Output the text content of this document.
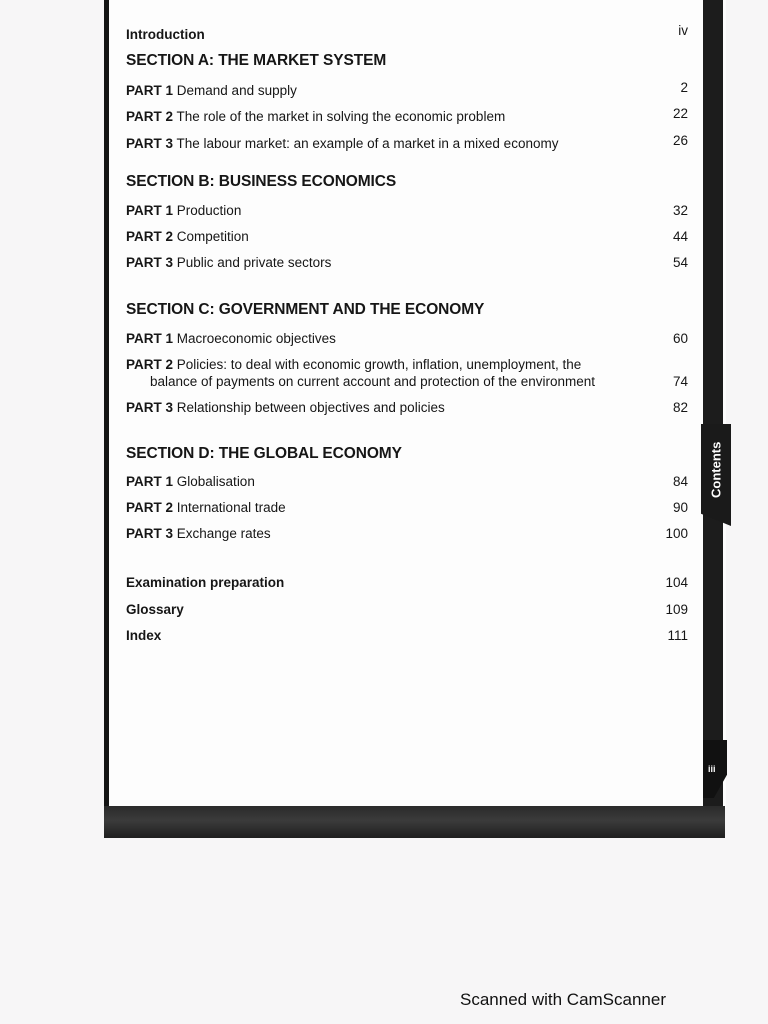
iii
Contents
Introduction	iv
SECTION A: THE MARKET SYSTEM
PART 1 Demand and supply	2
PART 2 The role of the market in solving the economic problem	22
PART 3 The labour market: an example of a market in a mixed economy	26
SECTION B: BUSINESS ECONOMICS
PART 1 Production	32
PART 2 Competition	44
PART 3 Public and private sectors	54
SECTION C: GOVERNMENT AND THE ECONOMY
PART 1 Macroeconomic objectives	60
PART 2 Policies: to deal with economic growth, inflation, unemployment, the
balance of payments on current account and protection of the environment	74
PART 3 Relationship between objectives and policies	82
SECTION D: THE GLOBAL ECONOMY
PART 1 Globalisation	84
PART 2 International trade	90
PART 3 Exchange rates	100
Examination preparation	104
Glossary	109
Index	111
Scanned with CamScanner
